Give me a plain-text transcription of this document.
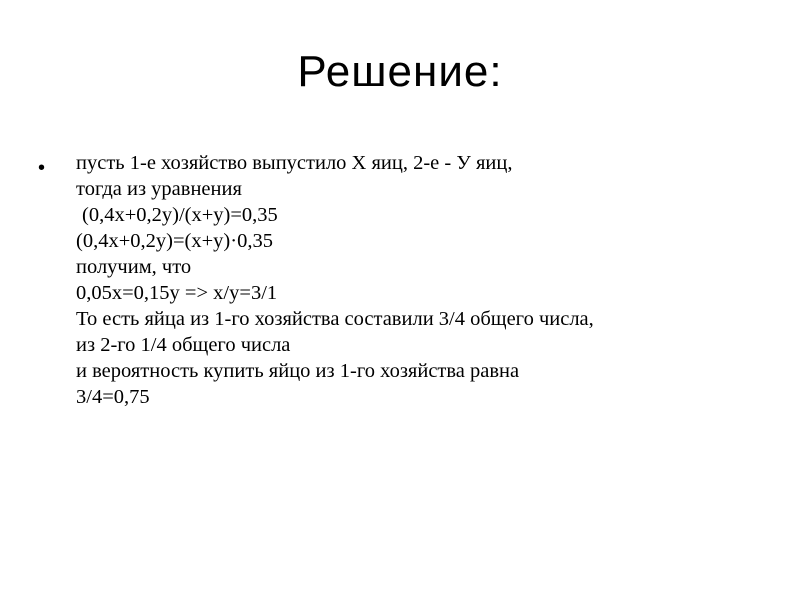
Решение:
• пусть 1-е хозяйство выпустило Х яиц, 2-е - У яиц,
тогда из уравнения
(0,4x+0,2y)/(x+y)=0,35
(0,4x+0,2y)=(x+y)·0,35
получим, что
0,05x=0,15y => x/y=3/1
То есть яйца из 1-го хозяйства составили 3/4 общего числа,
из 2-го 1/4 общего числа
и вероятность купить яйцо из 1-го хозяйства равна
3/4=0,75
